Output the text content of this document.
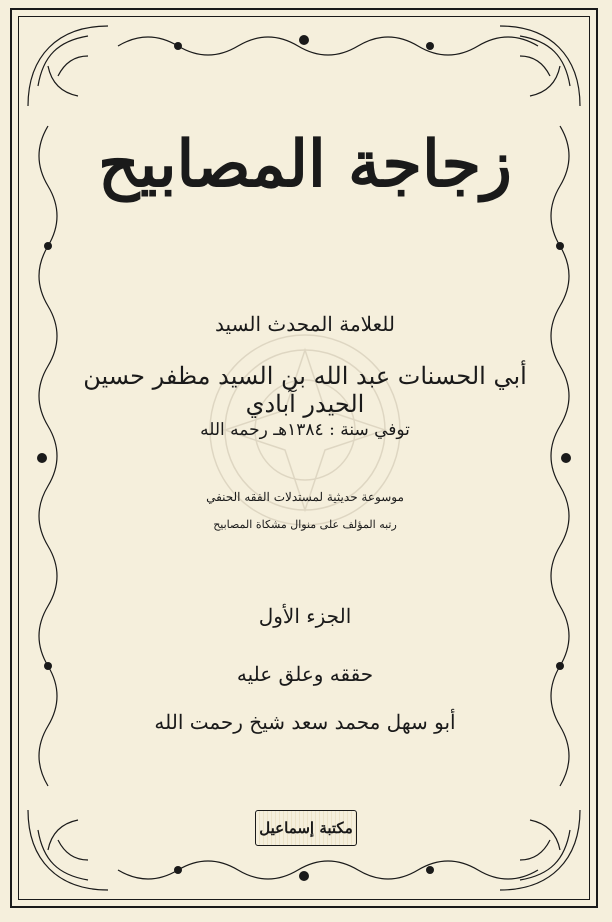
زجاجة المصابيح
للعلامة المحدث السيد
أبي الحسنات عبد الله بن السيد مظفر حسين الحيدر آبادي
توفي سنة : ١٣٨٤هـ رحمه الله
موسوعة حديثية لمستدلات الفقه الحنفي
رتبه المؤلف على منوال مشكاة المصابيح
الجزء الأول
حققه وعلق عليه
أبو سهل محمد سعد شيخ رحمت الله
مكتبة إسماعيل
